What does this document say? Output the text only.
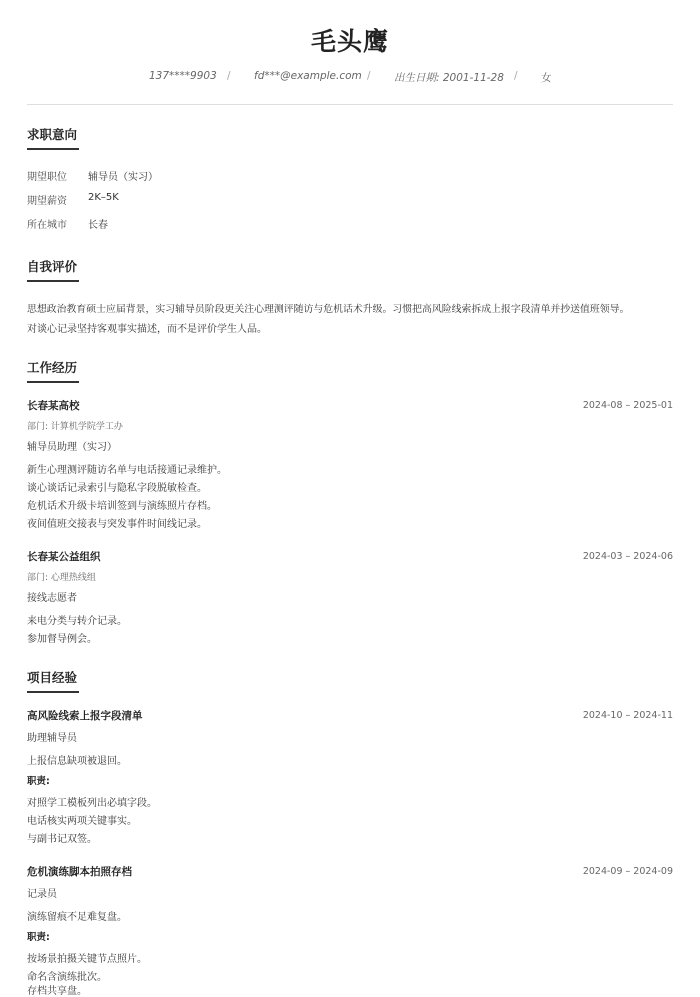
毛头鹰
137****9903 / fd***@example.com / 出生日期: 2001-11-28 / 女
求职意向
期望职位 辅导员（实习）
期望薪资 2K–5K
所在城市 长春
自我评价
思想政治教育硕士应届背景，实习辅导员阶段更关注心理测评随访与危机话术升级。习惯把高风险线索拆成上报字段清单并抄送值班领导。
对谈心记录坚持客观事实描述，而不是评价学生人品。
工作经历
长春某高校	2024-08 – 2025-01
部门: 计算机学院学工办
辅导员助理（实习）
新生心理测评随访名单与电话接通记录维护。
谈心谈话记录索引与隐私字段脱敏检查。
危机话术升级卡培训签到与演练照片存档。
夜间值班交接表与突发事件时间线记录。
长春某公益组织	2024-03 – 2024-06
部门: 心理热线组
接线志愿者
来电分类与转介记录。
参加督导例会。
项目经验
高风险线索上报字段清单	2024-10 – 2024-11
助理辅导员
上报信息缺项被退回。
职责:
对照学工模板列出必填字段。
电话核实两项关键事实。
与副书记双签。
危机演练脚本拍照存档	2024-09 – 2024-09
记录员
演练留痕不足难复盘。
职责:
按场景拍摄关键节点照片。
命名含演练批次。
存档共享盘。
